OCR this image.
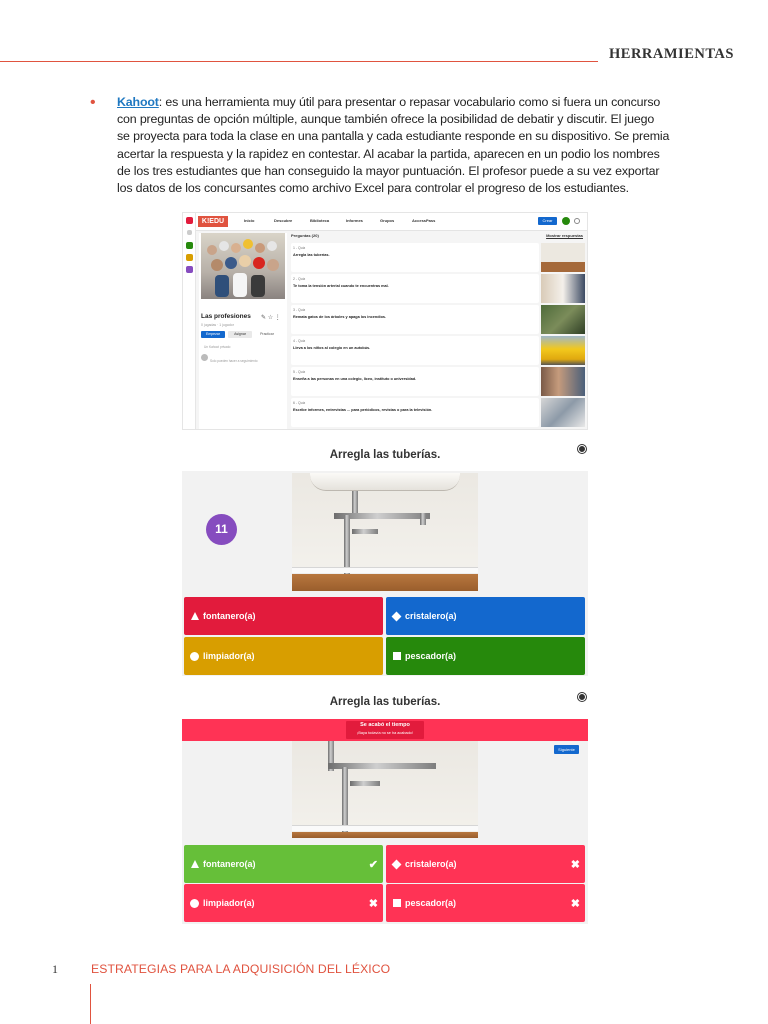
HERRAMIENTAS
• Kahoot: es una herramienta muy útil para presentar o repasar vocabulario como si fuera un concurso
con preguntas de opción múltiple, aunque también ofrece la posibilidad de debatir y discutir. El juego
se proyecta para toda la clase en una pantalla y cada estudiante responde en su dispositivo. Se premia
acertar la respuesta y la rapidez en contestar. Al acabar la partida, aparecen en un podio los nombres
de los tres estudiantes que han conseguido la mayor puntuación. El profesor puede a su vez exportar
los datos de los concursantes como archivo Excel para controlar el progreso de los estudiantes.
K!EDU	Inicio	Descubre	Biblioteca	Informes	Grupos	AccessPass	Crear
Las profesiones ✎ ☆ ⋮
0 jugadas · 1 jugador
Empezar	Asignar	Practicar
Un Kahoot privado
Solo pueden hacer a seguimiento
Preguntas (20)	Mostrar respuestas
1 - Quiz
Arregla las tuberías.
2 - Quiz
Te toma la tensión arterial cuando te encuentras mal.
3 - Quiz
Remata gatos de los árboles y apaga los incendios.
4 - Quiz
Lleva a los niños al colegio en un autobús.
5 - Quiz
Enseña a las personas en una colegio, liceo, instituto o universidad.
6 - Quiz
Escribe informes, entrevistas ... para periódicos, revistas o para la televisión.
Arregla las tuberías.
11
fontanero(a)	cristalero(a)
limpiador(a)	pescador(a)
Arregla las tuberías.
Se acabó el tiempo
¡Baya todavía no se ha acabado!
Siguiente
fontanero(a)	✔	cristalero(a)	✖
limpiador(a)	✖	pescador(a)	✖
1	ESTRATEGIAS PARA LA ADQUISICIÓN DEL LÉXICO
